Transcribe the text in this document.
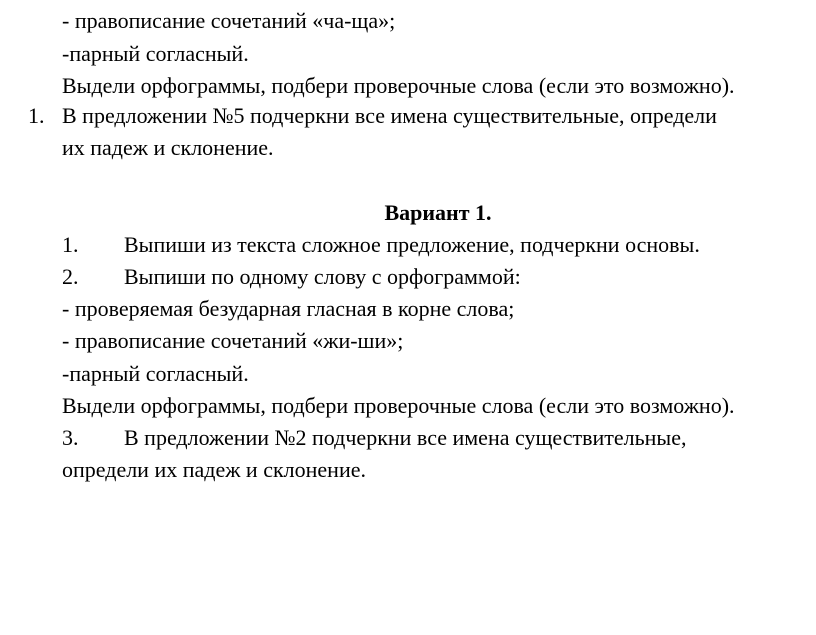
- правописание сочетаний «ча-ща»;
-парный согласный.
Выдели орфограммы, подбери проверочные слова (если это возможно).
1. В предложении №5 подчеркни все имена существительные, определи
их падеж и склонение.
Вариант 1.
1. Выпиши из текста сложное предложение, подчеркни основы.
2. Выпиши по одному слову с орфограммой:
- проверяемая безударная гласная в корне слова;
- правописание сочетаний «жи-ши»;
-парный согласный.
Выдели орфограммы, подбери проверочные слова (если это возможно).
3. В предложении №2 подчеркни все имена существительные,
определи их падеж и склонение.
